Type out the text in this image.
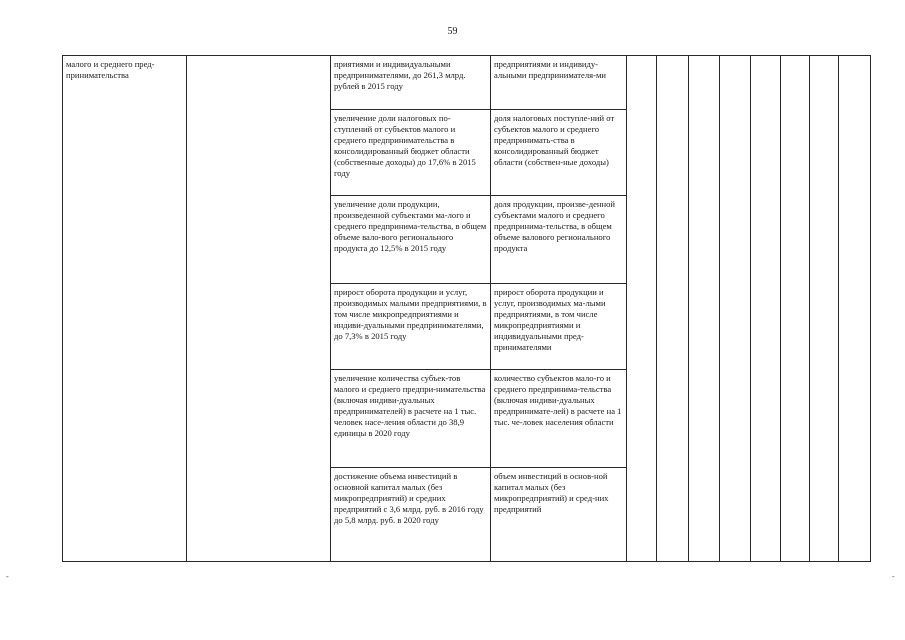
59
малого и среднего пред-
принимательства		приятиями и индивидуальными предпринимателями, до 261,3 млрд. рублей в 2015 году	предприятиями и индивиду-альными предпринимателя-ми								

		увеличение доли налоговых по-ступлений от субъектов малого и среднего предпринимательства в консолидированный бюджет области (собственные доходы) до 17,6% в 2015 году	доля налоговых поступле-ний от субъектов малого и среднего предпринимать-ства в консолидированный бюджет области (собствен-ные доходы)								

		увеличение доли продукции, произведенной субъектами ма-лого и среднего предпринима-тельства, в общем объеме вало-вого регионального продукта до 12,5% в 2015 году	доля продукции, произве-денной субъектами малого и среднего предпринима-тельства, в общем объеме валового регионального продукта								

		прирост оборота продукции и услуг, производимых малыми предприятиями, в том числе микропредприятиями и индиви-дуальными предпринимателями, до 7,3% в 2015 году	прирост оборота продукции и услуг, производимых ма-лыми предприятиями, в том числе микропредприятиями и индивидуальными пред-принимателями								

		увеличение количества субъек-тов малого и среднего предпри-нимательства (включая индиви-дуальных предпринимателей) в расчете на 1 тыс. человек насе-ления области до 38,9 единицы в 2020 году	количество субъектов мало-го и среднего предпринима-тельства (включая индиви-дуальных предпринимате-лей) в расчете на 1 тыс. че-ловек населения области								

		достижение объема инвестиций в основной капитал малых (без микропредприятий) и средних предприятий с 3,6 млрд. руб. в 2016 году до 5,8 млрд. руб. в 2020 году	объем инвестиций в основ-ной капитал малых (без микропредприятий) и сред-них предприятий								
-	-
